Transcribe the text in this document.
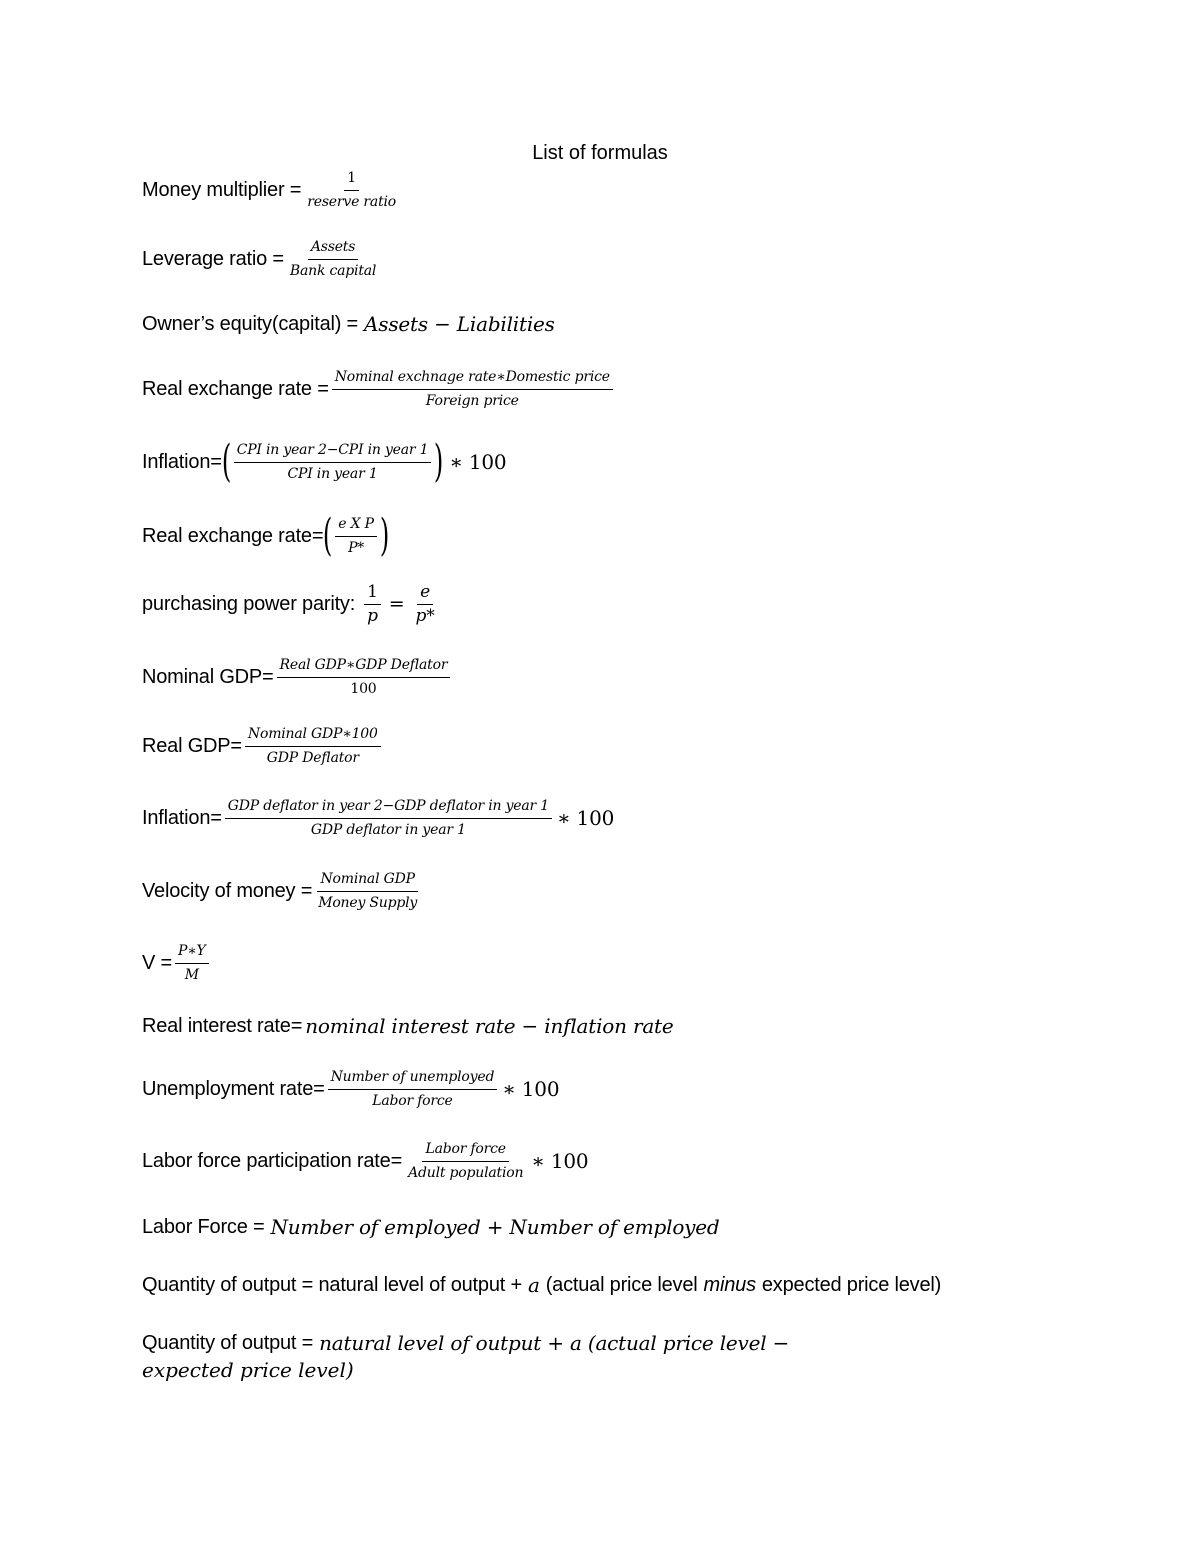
List of formulas
Money multiplier = $\frac{1}{\text{reserve ratio}}$
Leverage ratio = $\frac{\text{Assets}}{\text{Bank capital}}$
Owner’s equity(capital) = Assets − Liabilities
Real exchange rate = $\frac{\text{Nominal exchnage rate∗Domestic price}}{\text{Foreign price}}$
Inflation= ( $\frac{\text{CPI in year 2−CPI in year 1}}{\text{CPI in year 1}}$ ) ∗ 100
Real exchange rate= ( $\frac{\text{e X P}}{P*}$ )
purchasing power parity: $\frac{1}{p} = \frac{e}{p*}$
Nominal $GDP= \frac{\text{Real GDP∗GDP Deflator}}{100}$
Real $GDP= \frac{\text{Nominal GDP∗100}}{\text{GDP Deflator}}$
Inflation= $\frac{\text{GDP deflator in year 2−GDP deflator in year 1}}{\text{GDP deflator in year 1}}$ ∗ 100
Velocity of money = $\frac{\text{Nominal GDP}}{\text{Money Supply}}$
$V = \frac{P∗Y}{M}$
Real interest rate= nominal interest rate − inflation rate
Unemployment rate= $\frac{\text{Number of unemployed}}{\text{Labor force}}$ ∗ 100
Labor force participation rate= $\frac{\text{Labor force}}{\text{Adult population}}$ ∗ 100
Labor Force = Number of employed + Number of employed
Quantity of output = natural level of output + a (actual price level minus expected price level)
Quantity of output = natural level of output + a (actual price level −
expected price level)
